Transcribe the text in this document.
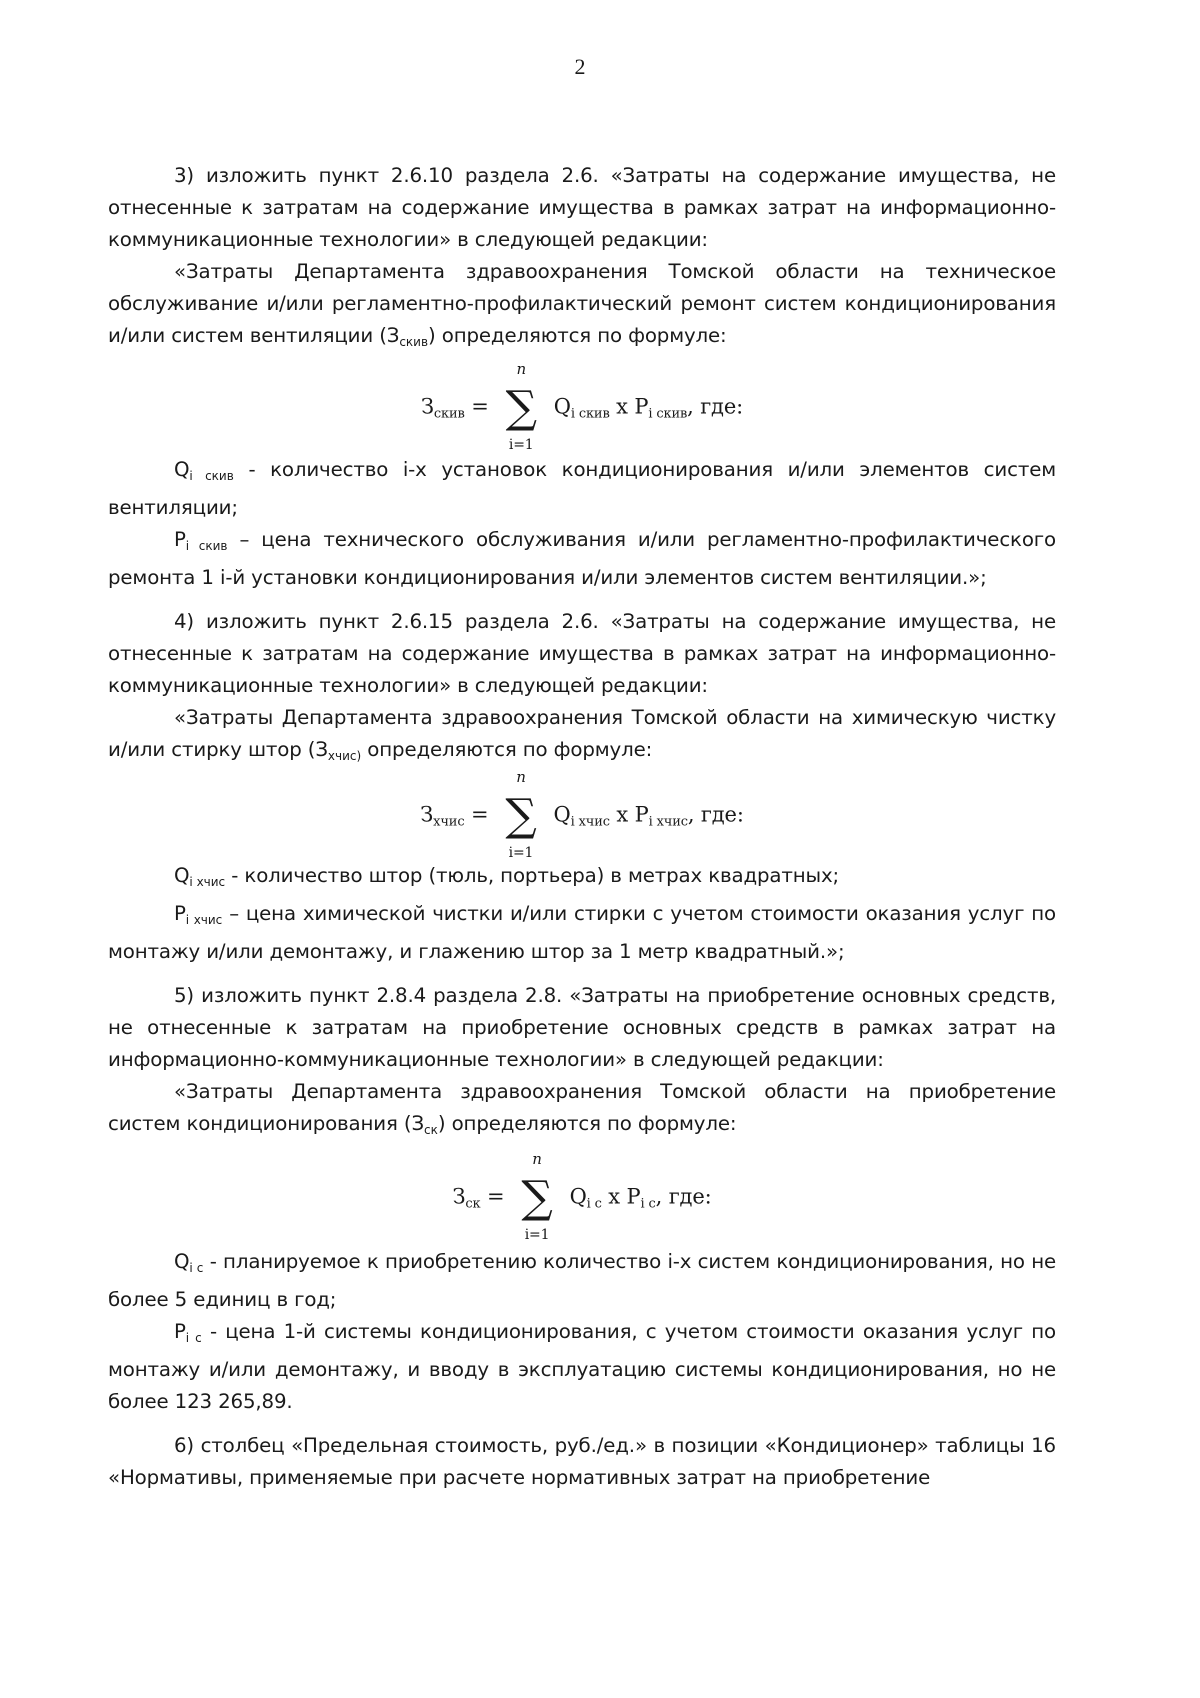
2

3) изложить пункт 2.6.10 раздела 2.6. «Затраты на содержание имущества, не отнесенные к затратам на содержание имущества в рамках затрат на информационно-коммуникационные технологии» в следующей редакции:

«Затраты Департамента здравоохранения Томской области на техническое обслуживание и/или регламентно-профилактический ремонт систем кондиционирования и/или систем вентиляции $(З_{скив})$ определяются по формуле:

Зскив =
n
∑
i=1
Qi скив x Pi скив, где:

$Q_{i скив}$ - количество i-х установок кондиционирования и/или элементов систем вентиляции;

$P_{i скив}$ – цена технического обслуживания и/или регламентно-профилактического ремонта 1 i-й установки кондиционирования и/или элементов систем вентиляции.»;

4) изложить пункт 2.6.15 раздела 2.6. «Затраты на содержание имущества, не отнесенные к затратам на содержание имущества в рамках затрат на информационно-коммуникационные технологии» в следующей редакции:

«Затраты Департамента здравоохранения Томской области на химическую чистку и/или стирку штор ($З_{хчис)}$ определяются по формуле:

Зхчис =
n
∑
i=1
Qi хчис x Pi хчис, где:

$Q_{i хчис}$ - количество штор (тюль, портьера) в метрах квадратных;

$P_{i хчис}$ – цена химической чистки и/или стирки с учетом стоимости оказания услуг по монтажу и/или демонтажу, и глажению штор за 1 метр квадратный.»;

5) изложить пункт 2.8.4 раздела 2.8. «Затраты на приобретение основных средств, не отнесенные к затратам на приобретение основных средств в рамках затрат на информационно-коммуникационные технологии» в следующей редакции:

«Затраты Департамента здравоохранения Томской области на приобретение систем кондиционирования $(З_{ск})$ определяются по формуле:

Зск =
n
∑
i=1
Qi c x Pi c, где:

$Q_{i c}$ - планируемое к приобретению количество i-х систем кондиционирования, но не более 5 единиц в год;

$P_{i c}$ - цена 1-й системы кондиционирования, с учетом стоимости оказания услуг по монтажу и/или демонтажу, и вводу в эксплуатацию системы кондиционирования, но не более 123 265,89.

6) столбец «Предельная стоимость, руб./ед.» в позиции «Кондиционер» таблицы 16 «Нормативы, применяемые при расчете нормативных затрат на приобретение
